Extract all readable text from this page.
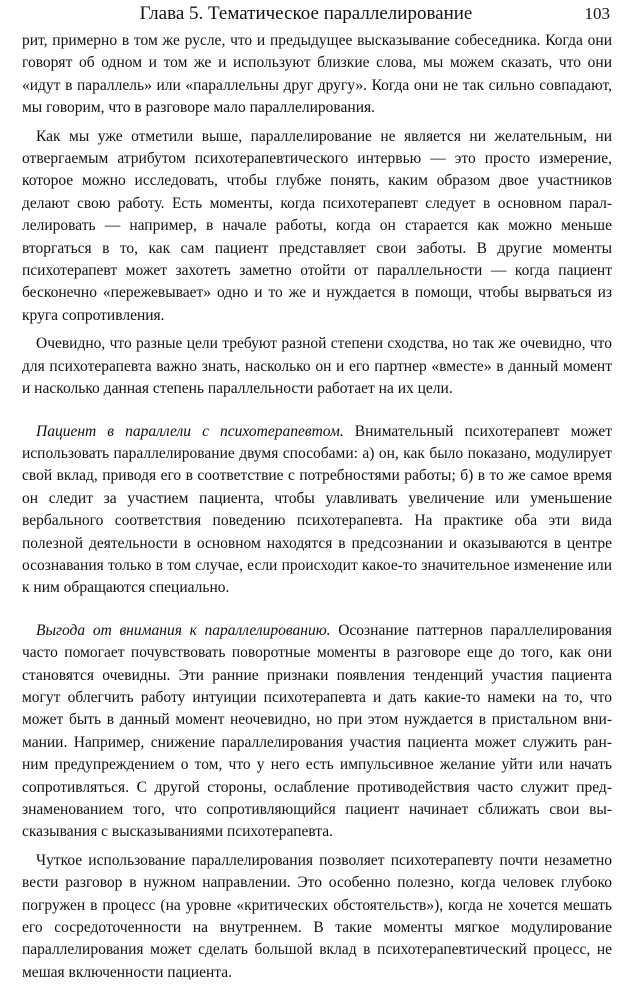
Глава 5. Тематическое параллелирование	103

рит, примерно в том же русле, что и предыдущее высказывание собеседника. Когда они говорят об одном и том же и используют близкие слова, мы можем сказать, что они «идут в параллель» или «параллельны друг другу». Когда они не так сильно совпадают, мы говорим, что в разговоре мало параллелирования.

Как мы уже отметили выше, параллелирование не является ни желательным, ни отвергаемым атрибутом психотерапевтического интервью — это просто измерение, которое можно исследовать, чтобы глубже понять, каким образом двое участников делают свою работу. Есть моменты, когда психотерапевт следует в основном параллелировать — например, в начале работы, когда он старается как можно меньше вторгаться в то, как сам пациент представляет свои заботы. В другие моменты психотерапевт может захотеть заметно отойти от параллельности — когда пациент бесконечно «пережевывает» одно и то же и нуждается в помощи, чтобы вырваться из круга сопротивления.

Очевидно, что разные цели требуют разной степени сходства, но так же очевидно, что для психотерапевта важно знать, насколько он и его партнер «вместе» в данный момент и насколько данная степень параллельности работает на их цели.

Пациент в параллели с психотерапевтом. Внимательный психотерапевт может использовать параллелирование двумя способами: а) он, как было показано, модулирует свой вклад, приводя его в соответствие с потребностями работы; б) в то же самое время он следит за участием пациента, чтобы улавливать увеличение или уменьшение вербального соответствия поведению психотерапевта. На практике оба эти вида полезной деятельности в основном находятся в предсознании и оказываются в центре осознавания только в том случае, если происходит какое-то значительное изменение или к ним обращаются специально.

Выгода от внимания к параллелированию. Осознание паттернов параллелирования часто помогает почувствовать поворотные моменты в разговоре еще до того, как они становятся очевидны. Эти ранние признаки появления тенденций участия пациента могут облегчить работу интуиции психотерапевта и дать какие-то намеки на то, что может быть в данный момент неочевидно, но при этом нуждается в пристальном внимании. Например, снижение параллелирования участия пациента может служить ранним предупреждением о том, что у него есть импульсивное желание уйти или начать сопротивляться. С другой стороны, ослабление противодействия часто служит предзнаменованием того, что сопротивляющийся пациент начинает сближать свои высказывания с высказываниями психотерапевта.

Чуткое использование параллелирования позволяет психотерапевту почти незаметно вести разговор в нужном направлении. Это особенно полезно, когда человек глубоко погружен в процесс (на уровне «критических обстоятельств»), когда не хочется мешать его сосредоточенности на внутреннем. В такие моменты мягкое модулирование параллелирования может сделать большой вклад в психотерапевтический процесс, не мешая включенности пациента.
